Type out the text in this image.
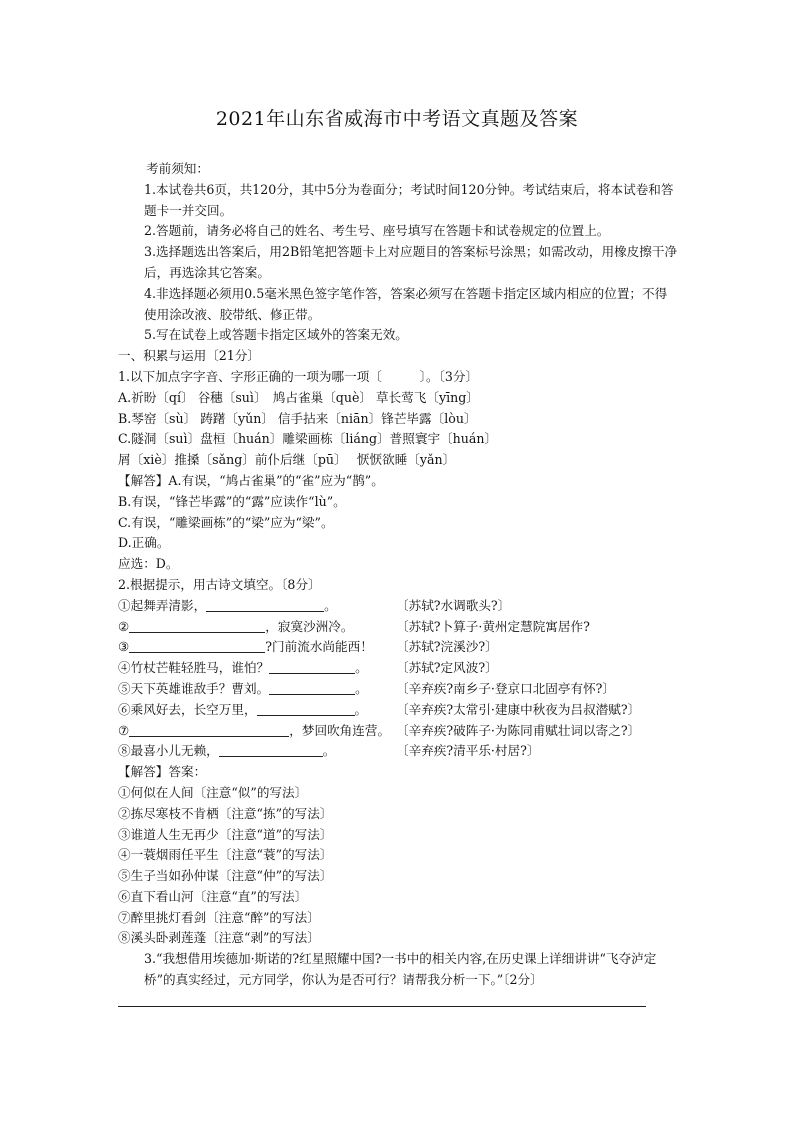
2021年山东省威海市中考语文真题及答案
考前须知：
1.本试卷共6页，共120分，其中5分为卷面分；考试时间120分钟。考试结束后，将本试卷和答题卡一并交回。
2.答题前，请务必将自己的姓名、考生号、座号填写在答题卡和试卷规定的位置上。
3.选择题选出答案后，用2B铅笔把答题卡上对应题目的答案标号涂黑；如需改动，用橡皮擦干净后，再选涂其它答案。
4.非选择题必须用0.5毫米黑色签字笔作答，答案必须写在答题卡指定区域内相应的位置；不得使用涂改液、胶带纸、修正带。
5.写在试卷上或答题卡指定区域外的答案无效。
一、积累与运用〔21分〕
1.以下加点字字音、字形正确的一项为哪一项〔　　　〕。〔3分〕
A.祈盼〔qí〕 谷穗〔suì〕　鸠占雀巢〔què〕 草长莺飞〔yīng〕
B.琴窑〔sù〕 踌躇〔yǔn〕 信手拈来〔niān〕锋芒毕露〔lòu〕
C.隧洞〔suì〕盘桓〔huán〕雕梁画栋〔liáng〕普照寰宇〔huán〕
屑〔xiè〕推搡〔sǎng〕前仆后继〔pū〕　 恹恹欲睡〔yǎn〕
【解答】A.有误，“鸠占雀巢”的“雀”应为“鹊”。
B.有误，“锋芒毕露”的“露”应读作“lù”。
C.有误，“雕梁画栋”的“梁”应为“梁”。
D.正确。
应选：D。
2.根据提示，用古诗文填空。〔8分〕
①起舞弄清影，	。	〔苏轼?水调歌头?〕
②	，寂寞沙洲冷。	〔苏轼?卜算子·黄州定慧院寓居作?
③	?门前流水尚能西！	〔苏轼?浣溪沙?〕
④竹杖芒鞋轻胜马，谁怕？	。	〔苏轼?定风波?〕
⑤天下英雄谁敌手？曹刘。	。	〔辛弃疾?南乡子·登京口北固亭有怀?〕
⑥乘风好去，长空万里，	。	〔辛弃疾?太常引·建康中秋夜为吕叔潜赋?〕
⑦	，梦回吹角连营。 〔辛弃疾?破阵子·为陈同甫赋壮词以寄之?〕
⑧最喜小儿无赖，	。	〔辛弃疾?清平乐·村居?〕
【解答】答案：
①何似在人间〔注意“似”的写法〕
②拣尽寒枝不肯栖〔注意“拣”的写法〕
③谁道人生无再少〔注意“道”的写法〕
④一蓑烟雨任平生〔注意“蓑”的写法〕
⑤生子当如孙仲谋〔注意“仲”的写法〕
⑥直下看山河〔注意“直”的写法〕
⑦醉里挑灯看剑〔注意“醉”的写法〕
⑧溪头卧剥莲蓬〔注意“剥”的写法〕
3.“我想借用埃德加·斯诺的?红星照耀中国?一书中的相关内容,在历史课上详细讲讲“飞夺泸定桥”的真实经过，元方同学，你认为是否可行？请帮我分析一下。”〔2分〕
